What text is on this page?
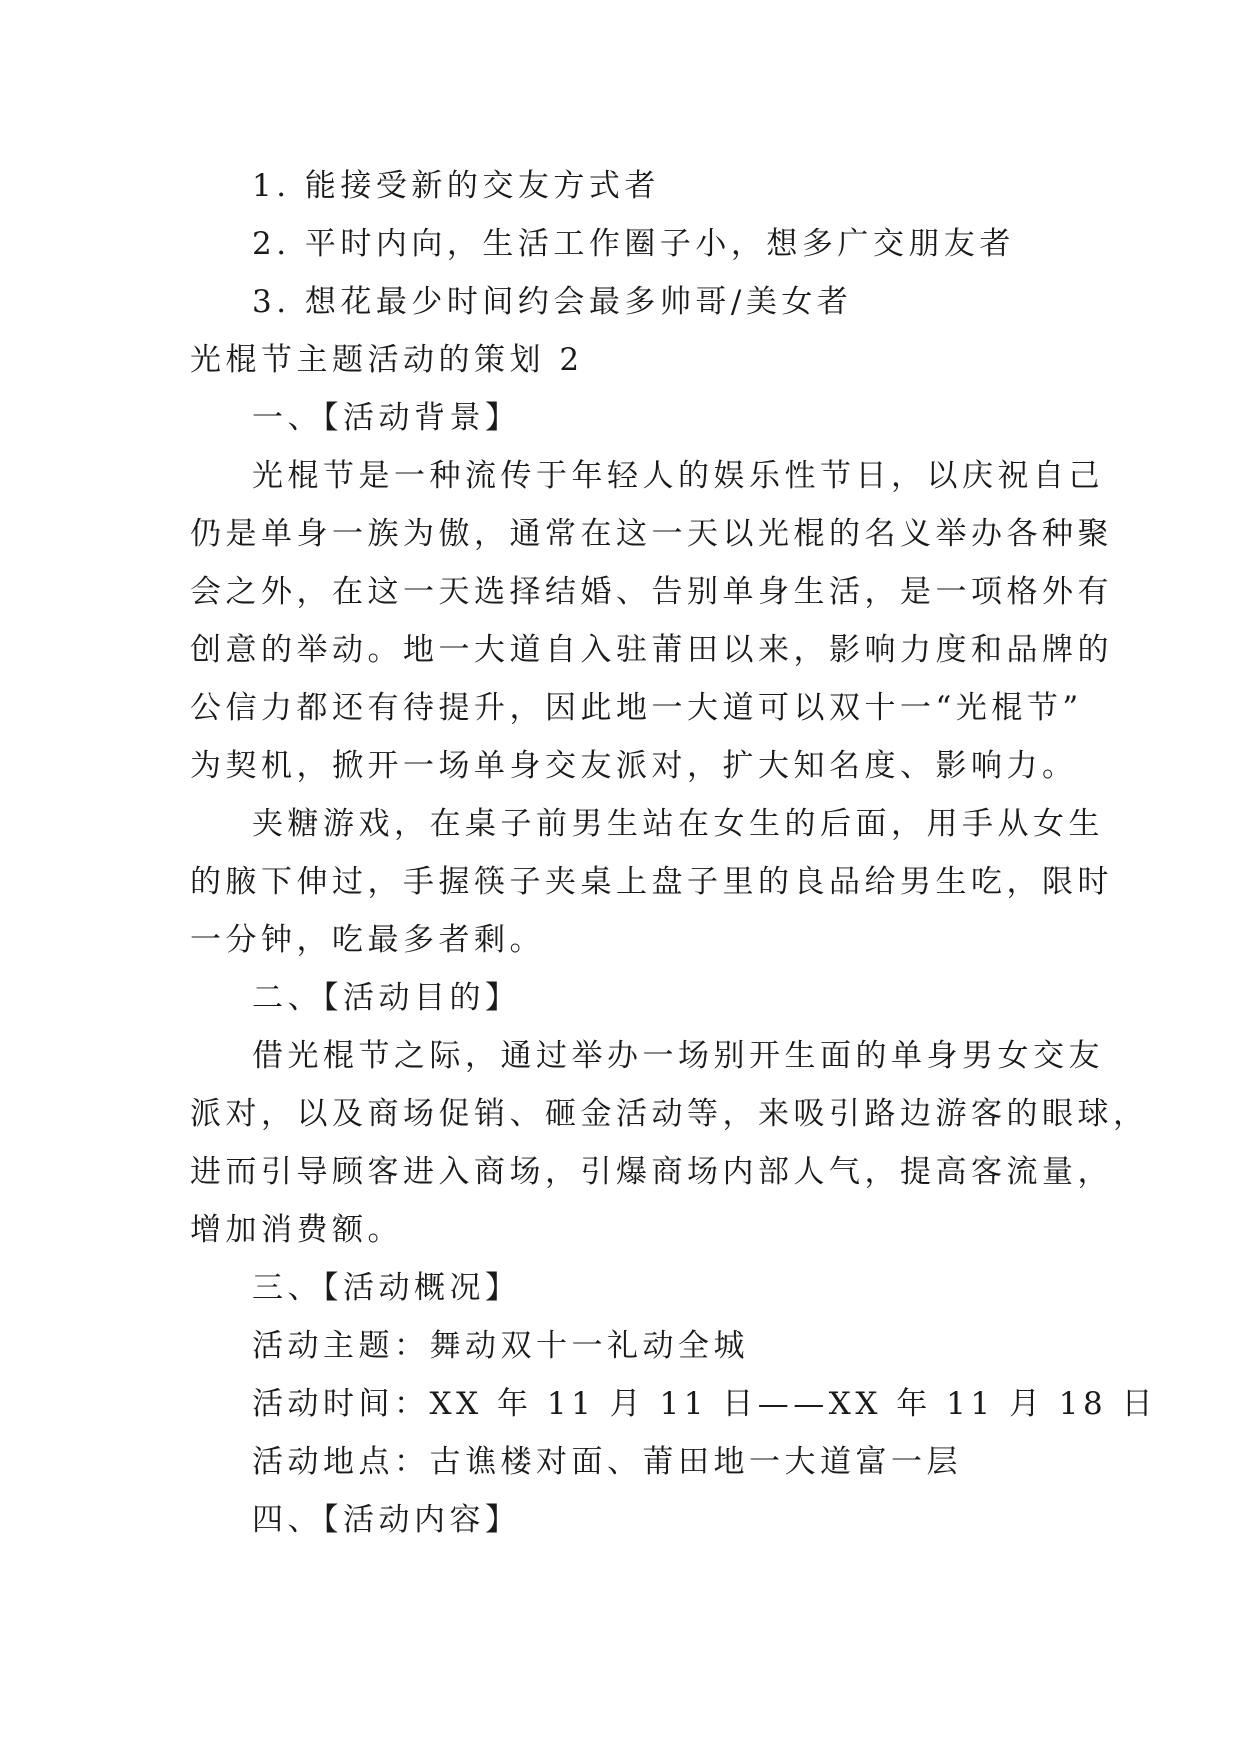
1. 能接受新的交友方式者

2. 平时内向，生活工作圈子小，想多广交朋友者

3. 想花最少时间约会最多帅哥/美女者

光棍节主题活动的策划 2

一、【活动背景】

光棍节是一种流传于年轻人的娱乐性节日，以庆祝自己

仍是单身一族为傲，通常在这一天以光棍的名义举办各种聚

会之外，在这一天选择结婚、告别单身生活，是一项格外有

创意的举动。地一大道自入驻莆田以来，影响力度和品牌的

公信力都还有待提升，因此地一大道可以双十一“光棍节”

为契机，掀开一场单身交友派对，扩大知名度、影响力。

夹糖游戏，在桌子前男生站在女生的后面，用手从女生

的腋下伸过，手握筷子夹桌上盘子里的良品给男生吃，限时

一分钟，吃最多者剩。

二、【活动目的】

借光棍节之际，通过举办一场别开生面的单身男女交友

派对，以及商场促销、砸金活动等，来吸引路边游客的眼球，

进而引导顾客进入商场，引爆商场内部人气，提高客流量，

增加消费额。

三、【活动概况】

活动主题：舞动双十一礼动全城

活动时间：XX 年 11 月 11 日——XX 年 11 月 18 日

活动地点：古谯楼对面、莆田地一大道富一层

四、【活动内容】
